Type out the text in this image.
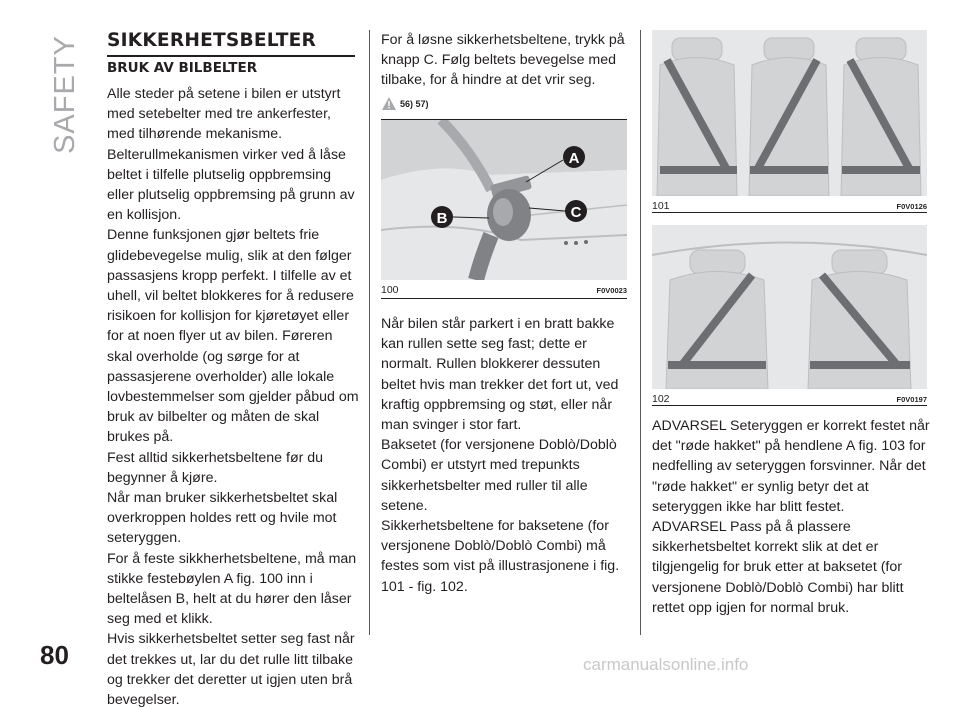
SAFETY SIKKERHETSBELTER
BRUK AV BILBELTER

Alle steder på setene i bilen er utstyrt med setebelter med tre ankerfester, med tilhørende mekanisme.

Belterullmekanismen virker ved å låse beltet i tilfelle plutselig oppbremsing eller plutselig oppbremsing på grunn av en kollisjon.

Denne funksjonen gjør beltets frie glidebevegelse mulig, slik at den følger passasjens kropp perfekt. I tilfelle av et uhell, vil beltet blokkeres for å redusere risikoen for kollisjon for kjøretøyet eller for at noen flyer ut av bilen. Føreren skal overholde (og sørge for at passasjerene overholder) alle lokale lovbestemmelser som gjelder påbud om bruk av bilbelter og måten de skal brukes på.

Fest alltid sikkerhetsbeltene før du begynner å kjøre.

Når man bruker sikkerhetsbeltet skal overkroppen holdes rett og hvile mot seteryggen.

For å feste sikkherhetsbeltene, må man stikke festebøylen A fig. 100 inn i beltelåsen B, helt at du hører den låser seg med et klikk.

Hvis sikkerhetsbeltet setter seg fast når det trekkes ut, lar du det rulle litt tilbake og trekker det deretter ut igjen uten brå bevegelser.

For å løsne sikkerhetsbeltene, trykk på knapp C. Følg beltets bevegelse med tilbake, for å hindre at det vrir seg.

56) 57)
A
B	C
100	F0V0023

Når bilen står parkert i en bratt bakke kan rullen sette seg fast; dette er normalt. Rullen blokkerer dessuten beltet hvis man trekker det fort ut, ved kraftig oppbremsing og støt, eller når man svinger i stor fart.

Baksetet (for versjonene Doblò/Doblò Combi) er utstyrt med trepunkts sikkerhetsbelter med ruller til alle setene.

Sikkerhetsbeltene for baksetene (for versjonene Doblò/Doblò Combi) må festes som vist på illustrasjonene i fig. 101 - fig. 102.

101	F0V0126
102	F0V0197

ADVARSEL Seteryggen er korrekt festet når det "røde hakket" på hendlene A fig. 103 for nedfelling av seteryggen forsvinner. Når det "røde hakket" er synlig betyr det at seteryggen ikke har blitt festet.

ADVARSEL Pass på å plassere sikkerhetsbeltet korrekt slik at det er tilgjengelig for bruk etter at baksetet (for versjonene Doblò/Doblò Combi) har blitt rettet opp igjen for normal bruk.

80	carmanualsonline.info
